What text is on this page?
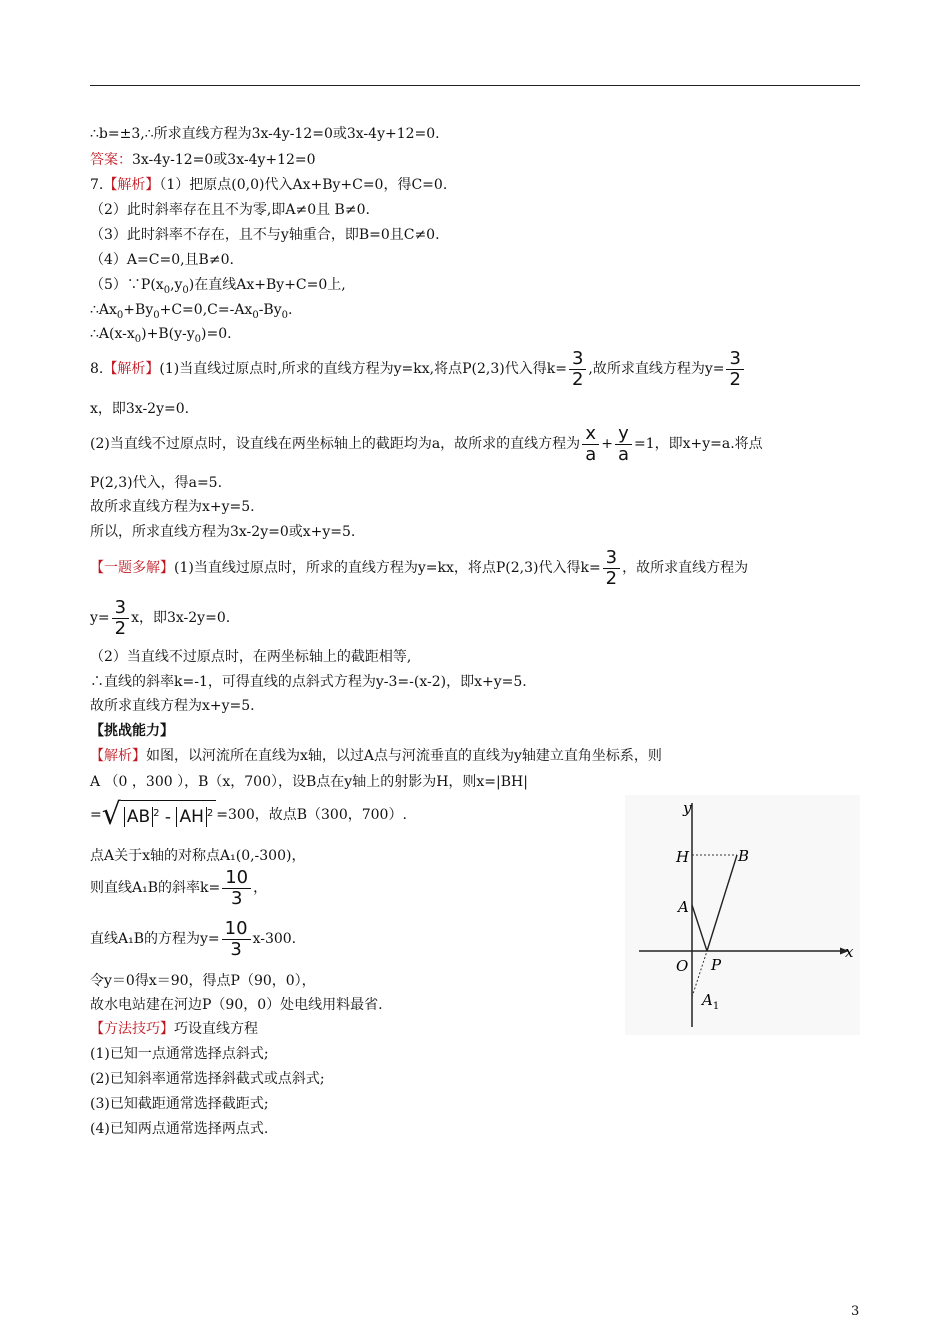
∴b=±3,∴所求直线方程为3x-4y-12=0或3x-4y+12=0.
答案：3x-4y-12=0或3x-4y+12=0
7.【解析】（1）把原点(0,0)代入Ax+By+C=0，得C=0.
（2）此时斜率存在且不为零,即A≠0且 B≠0.
（3）此时斜率不存在，且不与y轴重合，即B=0且C≠0.
（4）A=C=0,且B≠0.
$(5)\because P(x_0,y_0)$在直线Ax+By+C=0上,
$\therefore Ax_0+By_0+C=0,C=-Ax_0-By_0$.
$\therefore A(x-x_0)+B(y-y_0)=0$.
8.【解析】(1)当直线过原点时,所求的直线方程为y=kx,将点P(2,3)代入得$k= \frac{3}{2}$ ,故所求直线方程为$y= \frac{3}{2}$
x，即3x-2y=0.
(2)当直线不过原点时，设直线在两坐标轴上的截距均为a，故所求的直线方程为 $\frac{x}{a} + \frac{y}{a} =1$，即x+y=a.将点
P(2,3)代入，得a=5.
故所求直线方程为x+y=5.
所以，所求直线方程为3x-2y=0或x+y=5.
【一题多解】(1)当直线过原点时，所求的直线方程为y=kx，将点P(2,3)代入得$k= \frac{3}{2}$ ，故所求直线方程为
$y= \frac{3}{2}$ x，即3x-2y=0.
（2）当直线不过原点时，在两坐标轴上的截距相等,
∴直线的斜率k=-1，可得直线的点斜式方程为y-3=-(x-2)，即x+y=5.
故所求直线方程为x+y=5.
【挑战能力】
【解析】如图，以河流所在直线为x轴，以过A点与河流垂直的直线为y轴建立直角坐标系，则
A （0 ，300 ），B（x，700），设B点在y轴上的射影为H，则x=|BH|
=√ AB $^2$ - AH $^2$ =300，故点B（300，700）.
点A关于x轴的对称点A₁(0,-300)，
则直线A₁B的斜率$k= \frac{10}{3}$ ，
直线A₁B的方程为$y= \frac{10}{3} x-300$.
令y＝0得x＝90，得点P（90，0），
故水电站建在河边P（90，0）处电线用料最省.
【方法技巧】巧设直线方程
(1)已知一点通常选择点斜式;
(2)已知斜率通常选择斜截式或点斜式;
(3)已知截距通常选择截距式;
(4)已知两点通常选择两点式.
y
x
H	B
A
O P
$A_1$
3
